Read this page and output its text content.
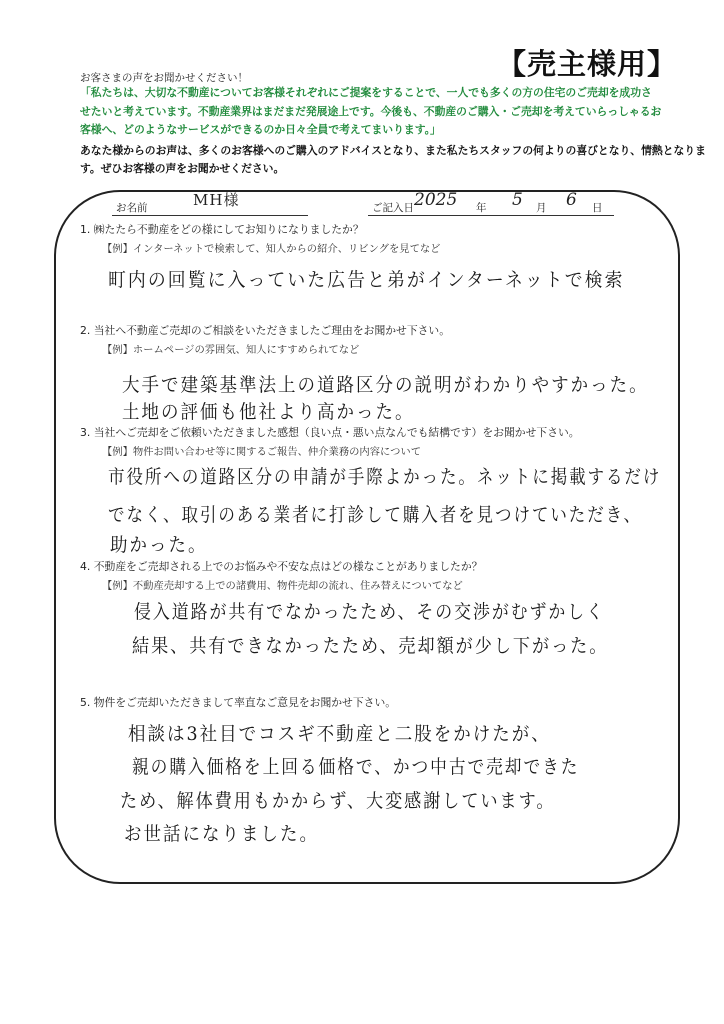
【売主様用】
お客さまの声をお聞かせください！
「私たちは、大切な不動産についてお客様それぞれにご提案をすることで、一人でも多くの方の住宅のご売却を成功さ
せたいと考えています。不動産業界はまだまだ発展途上です。今後も、不動産のご購入・ご売却を考えていらっしゃるお
客様へ、どのようなサービスができるのか日々全員で考えてまいります。」
あなた様からのお声は、多くのお客様へのご購入のアドバイスとなり、また私たちスタッフの何よりの喜びとなり、情熱となりま
す。ぜひお客様の声をお聞かせください。
お名前	MH様	ご記入日 2025 年 5 月 6 日
1. ㈱たたら不動産をどの様にしてお知りになりましたか？
【例】インターネットで検索して、知人からの紹介、リビングを見てなど
町内の回覧に入っていた広告と弟がインターネットで検索
2. 当社へ不動産ご売却のご相談をいただきましたご理由をお聞かせ下さい。
【例】ホームページの雰囲気、知人にすすめられてなど
大手で建築基準法上の道路区分の説明がわかりやすかった。
土地の評価も他社より高かった。
3. 当社へご売却をご依頼いただきました感想（良い点・悪い点なんでも結構です）をお聞かせ下さい。
【例】物件お問い合わせ等に関するご報告、仲介業務の内容について
市役所への道路区分の申請が手際よかった。ネットに掲載するだけ
でなく、取引のある業者に打診して購入者を見つけていただき、
助かった。
4. 不動産をご売却される上でのお悩みや不安な点はどの様なことがありましたか？
【例】不動産売却する上での諸費用、物件売却の流れ、住み替えについてなど
侵入道路が共有でなかったため、その交渉がむずかしく
結果、共有できなかったため、売却額が少し下がった。
5. 物件をご売却いただきまして率直なご意見をお聞かせ下さい。
相談は3社目でコスギ不動産と二股をかけたが、
親の購入価格を上回る価格で、かつ中古で売却できた
ため、解体費用もかからず、大変感謝しています。
お世話になりました。
